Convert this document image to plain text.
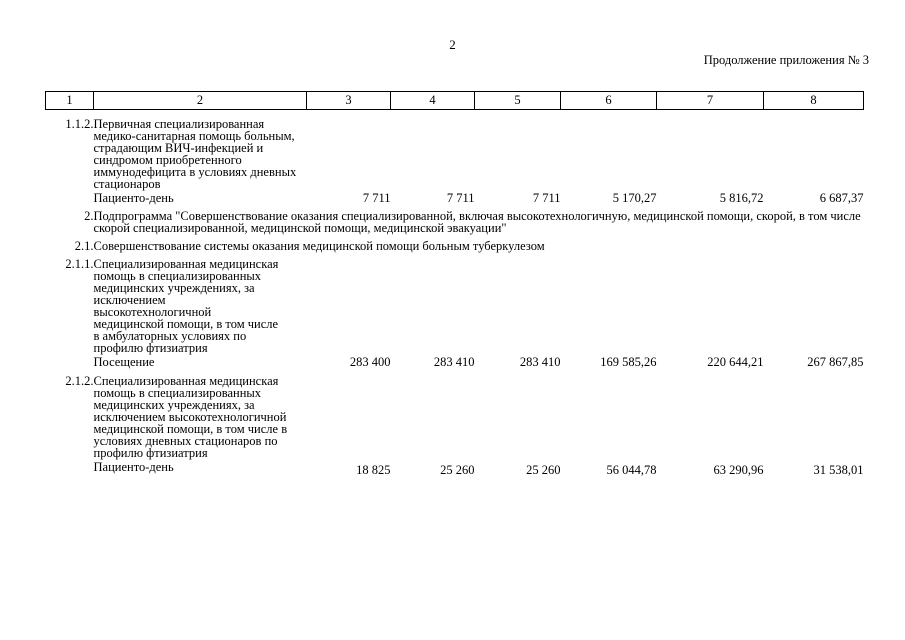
2
Продолжение приложения № 3
1	2	3	4	5	6	7	8

1.1.2.	Первичная специализированная медико-санитарная помощь больным, страдающим ВИЧ-инфекцией и синдромом приобретенного иммунодефицита в условиях дневных стационаров						

	Пациенто-день	7 711	7 711	7 711	5 170,27	5 816,72	6 687,37
2.	Подпрограмма "Совершенствование оказания специализированной, включая высокотехнологичную, медицинской помощи, скорой, в том числе скорой специализированной, медицинской помощи, медицинской эвакуации"						
2.1.	Совершенствование системы оказания медицинской помощи больным туберкулезом						
2.1.1.	Специализированная медицинская помощь в специализированных медицинских учреждениях, за исключением высокотехнологичной медицинской помощи, в том числе в амбулаторных условиях по профилю фтизиатрия						

	Посещение	283 400	283 410	283 410	169 585,26	220 644,21	267 867,85
2.1.2.	Специализированная медицинская помощь в специализированных медицинских учреждениях, за исключением высокотехнологичной медицинской помощи, в том числе в условиях дневных стационаров по профилю фтизиатрия						

	Пациенто-день	18 825	25 260	25 260	56 044,78	63 290,96	31 538,01
